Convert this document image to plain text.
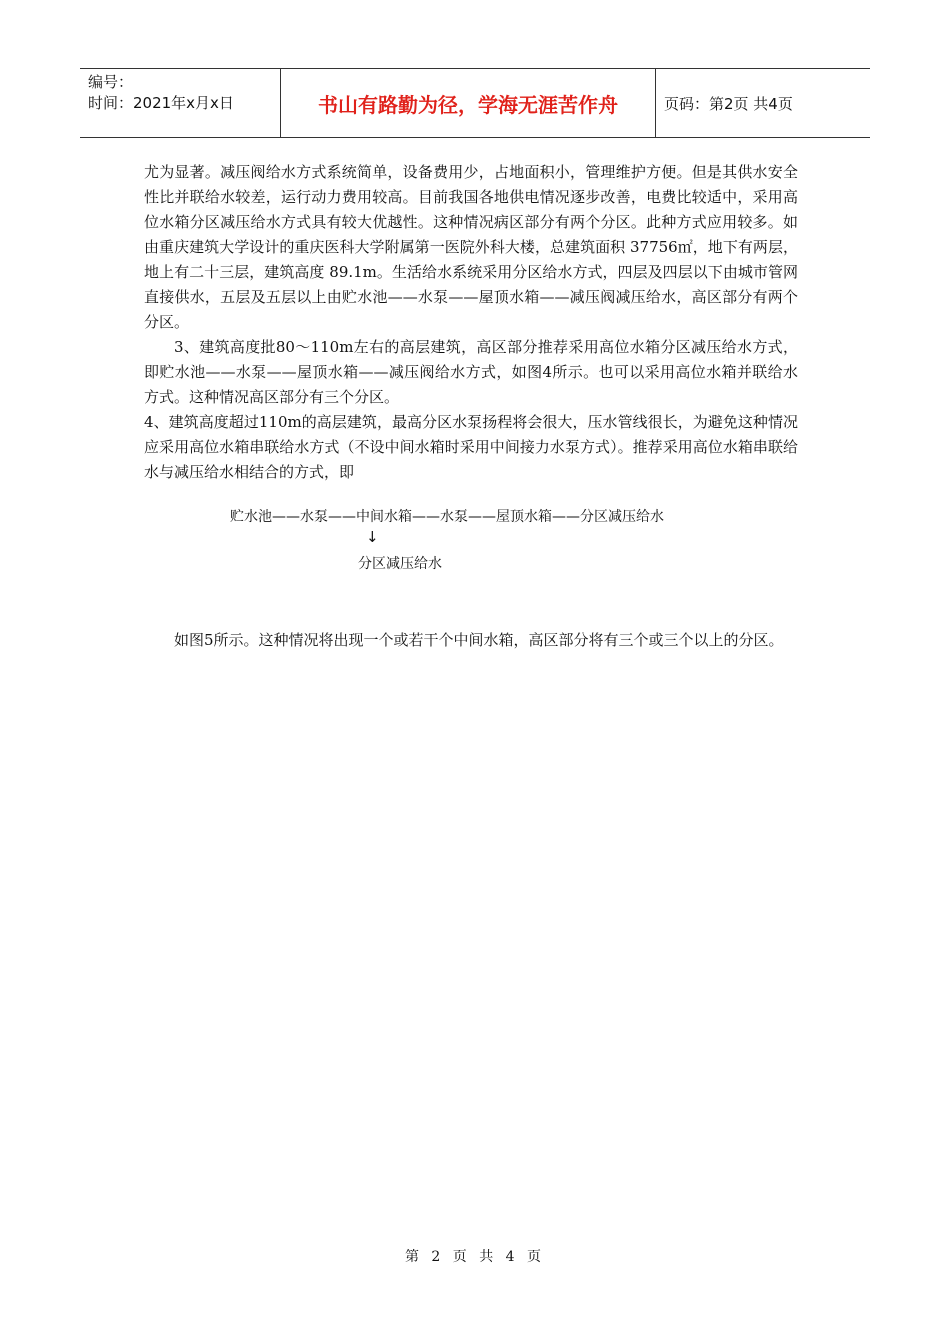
编号：
时间：2021年x月x日	书山有路勤为径，学海无涯苦作舟	页码：第2页 共4页

尤为显著。减压阀给水方式系统简单，设备费用少，占地面积小，管理维护方便。但是其供水安全性比并联给水较差，运行动力费用较高。目前我国各地供电情况逐步改善，电费比较适中，采用高位水箱分区减压给水方式具有较大优越性。这种情况病区部分有两个分区。此种方式应用较多。如由重庆建筑大学设计的重庆医科大学附属第一医院外科大楼，总建筑面积 37756㎡，地下有两层，地上有二十三层，建筑高度 89.1m。生活给水系统采用分区给水方式，四层及四层以下由城市管网直接供水，五层及五层以上由贮水池——水泵——屋顶水箱——减压阀减压给水，高区部分有两个分区。

3、建筑高度批80～110m左右的高层建筑，高区部分推荐采用高位水箱分区减压给水方式，即贮水池——水泵——屋顶水箱——减压阀给水方式，如图4所示。也可以采用高位水箱并联给水方式。这种情况高区部分有三个分区。

4、建筑高度超过110m的高层建筑，最高分区水泵扬程将会很大，压水管线很长，为避免这种情况应采用高位水箱串联给水方式（不设中间水箱时采用中间接力水泵方式）。推荐采用高位水箱串联给水与减压给水相结合的方式，即

贮水池——水泵——中间水箱——水泵——屋顶水箱——分区减压给水
↓
分区减压给水

如图5所示。这种情况将出现一个或若干个中间水箱，高区部分将有三个或三个以上的分区。

第 2 页 共 4 页
